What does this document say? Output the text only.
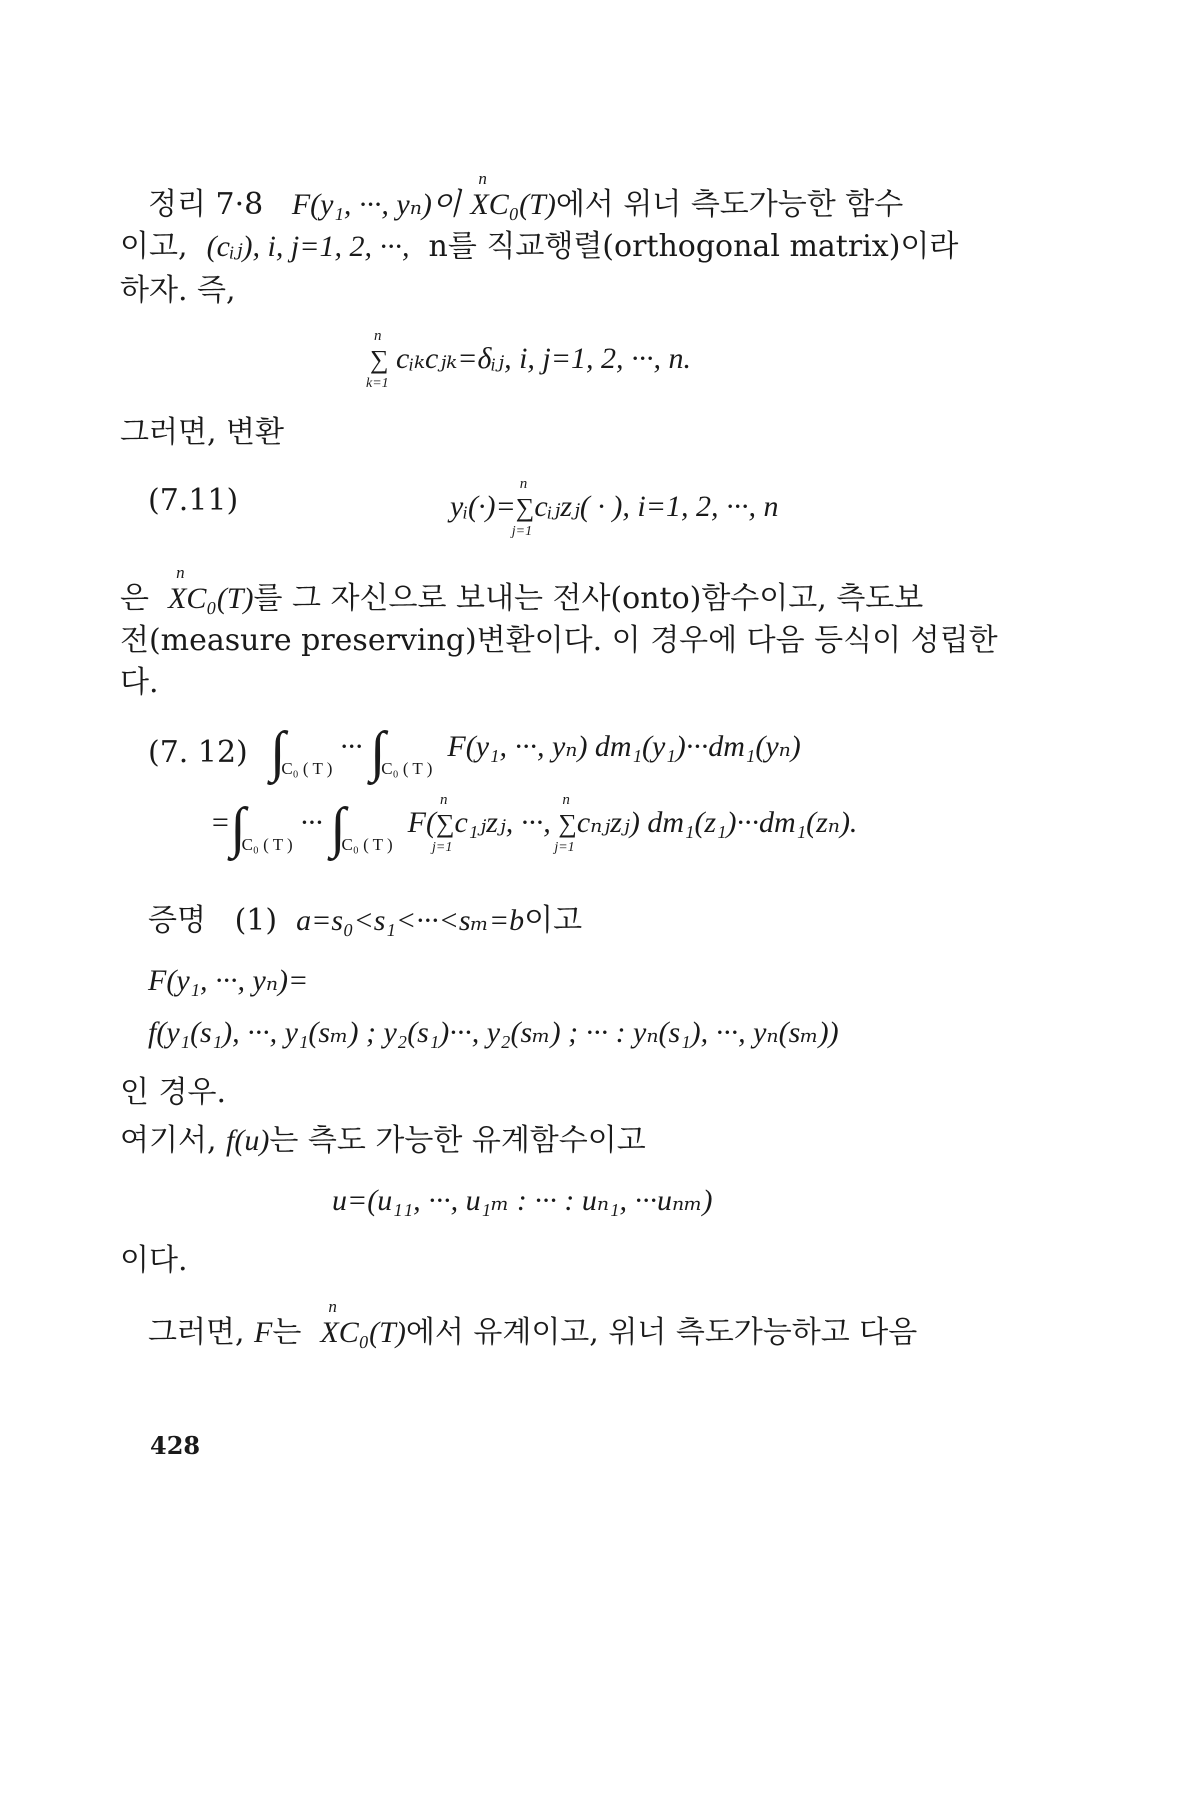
정리 7·8 F(y₁, ···, yₙ)이
n
XC₀(T)에서 위너 측도가능한 함수
이고, (cᵢⱼ), i, j=1, 2, ···, n를 직교행렬(orthogonal matrix)이라
하자. 즉,
∑
n
k=1
cᵢₖcⱼₖ=δᵢⱼ, i, j=1, 2, ···, n.
그러면, 변환
(7.11)	yᵢ(·)=∑
n
j=1
cᵢⱼzⱼ( · ), i=1, 2, ···, n
은
n
XC₀(T)를 그 자신으로 보내는 전사(onto)함수이고, 측도보
전(measure preserving)변환이다. 이 경우에 다음 등식이 성립한
다.
(7. 12) $\int_{C_0 ( T )}$ ··· $\int_{C_0 ( T )}$  F(y₁, ···, yₙ) dm₁(y₁)···dm₁(yₙ)
$=\int_{C_0 ( T )}$ ··· $\int_{C_0 ( T )}$  F(∑
n
j=1
c₁ⱼzⱼ, ···, ∑
n
j=1
cₙⱼzⱼ) dm₁(z₁)···dm₁(zₙ).
증명 (1) a=s₀<s₁<···<sₘ=b이고
F(y₁, ···, yₙ)=
f(y₁(s₁), ···, y₁(sₘ) ; y₂(s₁)···, y₂(sₘ) ; ··· : yₙ(s₁), ···, yₙ(sₘ))
인 경우.
여기서, f(u)는 측도 가능한 유계함수이고
u=(u₁₁, ···, u₁ₘ : ··· : uₙ₁, ···uₙₘ)
이다.
그러면, F는
n
XC₀(T)에서 유계이고, 위너 측도가능하고 다음
428
